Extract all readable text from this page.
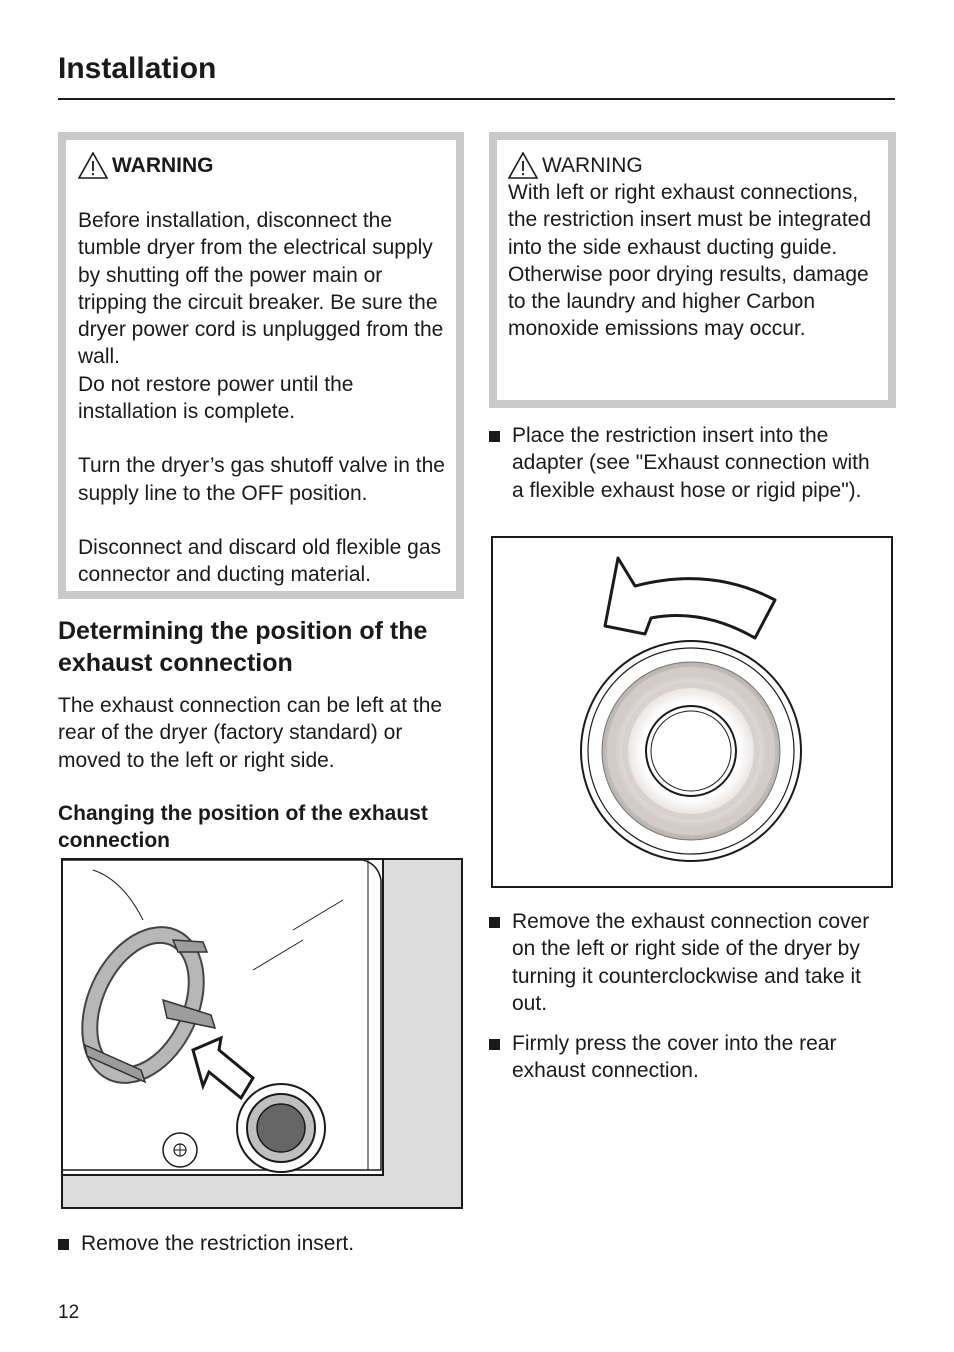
Installation
WARNING

Before installation, disconnect the tumble dryer from the electrical supply by shutting off the power main or tripping the circuit breaker. Be sure the dryer power cord is unplugged from the wall.

Do not restore power until the installation is complete.

Turn the dryer’s gas shutoff valve in the supply line to the OFF position.

Disconnect and discard old flexible gas connector and ducting material.

Determining the position of the exhaust connection

The exhaust connection can be left at the rear of the dryer (factory standard) or moved to the left or right side.

Changing the position of the exhaust connection
Remove the restriction insert.
WARNING

With left or right exhaust connections, the restriction insert must be integrated into the side exhaust ducting guide.

Otherwise poor drying results, damage to the laundry and higher Carbon monoxide emissions may occur.

Place the restriction insert into the adapter (see "Exhaust connection with a flexible exhaust hose or rigid pipe").
Remove the exhaust connection cover on the left or right side of the dryer by turning it counterclockwise and take it out.
Firmly press the cover into the rear exhaust connection.
12
